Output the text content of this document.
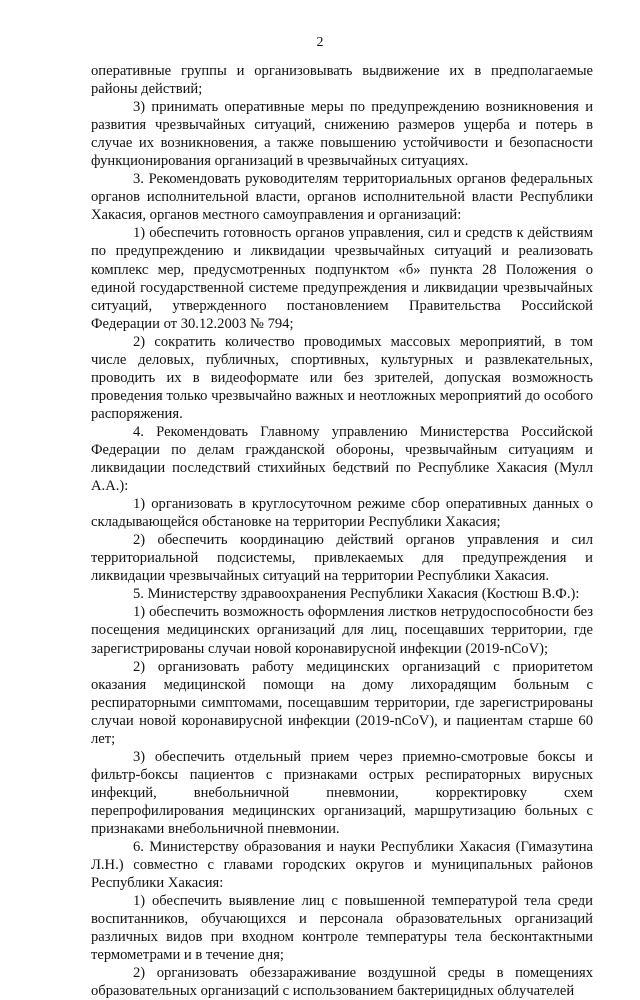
2

оперативные группы и организовывать выдвижение их в предполагаемые районы действий;

3) принимать оперативные меры по предупреждению возникновения и развития чрезвычайных ситуаций, снижению размеров ущерба и потерь в случае их возникновения, а также повышению устойчивости и безопасности функционирования организаций в чрезвычайных ситуациях.

3. Рекомендовать руководителям территориальных органов федеральных органов исполнительной власти, органов исполнительной власти Республики Хакасия, органов местного самоуправления и организаций:

1) обеспечить готовность органов управления, сил и средств к действиям по предупреждению и ликвидации чрезвычайных ситуаций и реализовать комплекс мер, предусмотренных подпунктом «б» пункта 28 Положения о единой государственной системе предупреждения и ликвидации чрезвычайных ситуаций, утвержденного постановлением Правительства Российской Федерации от 30.12.2003 № 794;

2) сократить количество проводимых массовых мероприятий, в том числе деловых, публичных, спортивных, культурных и развлекательных, проводить их в видеоформате или без зрителей, допуская возможность проведения только чрезвычайно важных и неотложных мероприятий до особого распоряжения.

4. Рекомендовать Главному управлению Министерства Российской Федерации по делам гражданской обороны, чрезвычайным ситуациям и ликвидации последствий стихийных бедствий по Республике Хакасия (Мулл А.А.):

1) организовать в круглосуточном режиме сбор оперативных данных о складывающейся обстановке на территории Республики Хакасия;

2) обеспечить координацию действий органов управления и сил территориальной подсистемы, привлекаемых для предупреждения и ликвидации чрезвычайных ситуаций на территории Республики Хакасия.

5. Министерству здравоохранения Республики Хакасия (Костюш В.Ф.):

1) обеспечить возможность оформления листков нетрудоспособности без посещения медицинских организаций для лиц, посещавших территории, где зарегистрированы случаи новой коронавирусной инфекции (2019-nCoV);

2) организовать работу медицинских организаций с приоритетом оказания медицинской помощи на дому лихорадящим больным с респираторными симптомами, посещавшим территории, где зарегистрированы случаи новой коронавирусной инфекции (2019-nCoV), и пациентам старше 60 лет;

3) обеспечить отдельный прием через приемно-смотровые боксы и фильтр-боксы пациентов с признаками острых респираторных вирусных инфекций, внебольничной пневмонии, корректировку схем перепрофилирования медицинских организаций, маршрутизацию больных с признаками внебольничной пневмонии.

6. Министерству образования и науки Республики Хакасия (Гимазутина Л.Н.) совместно с главами городских округов и муниципальных районов Республики Хакасия:

1) обеспечить выявление лиц с повышенной температурой тела среди воспитанников, обучающихся и персонала образовательных организаций различных видов при входном контроле температуры тела бесконтактными термометрами и в течение дня;

2) организовать обеззараживание воздушной среды в помещениях образовательных организаций с использованием бактерицидных облучателей
